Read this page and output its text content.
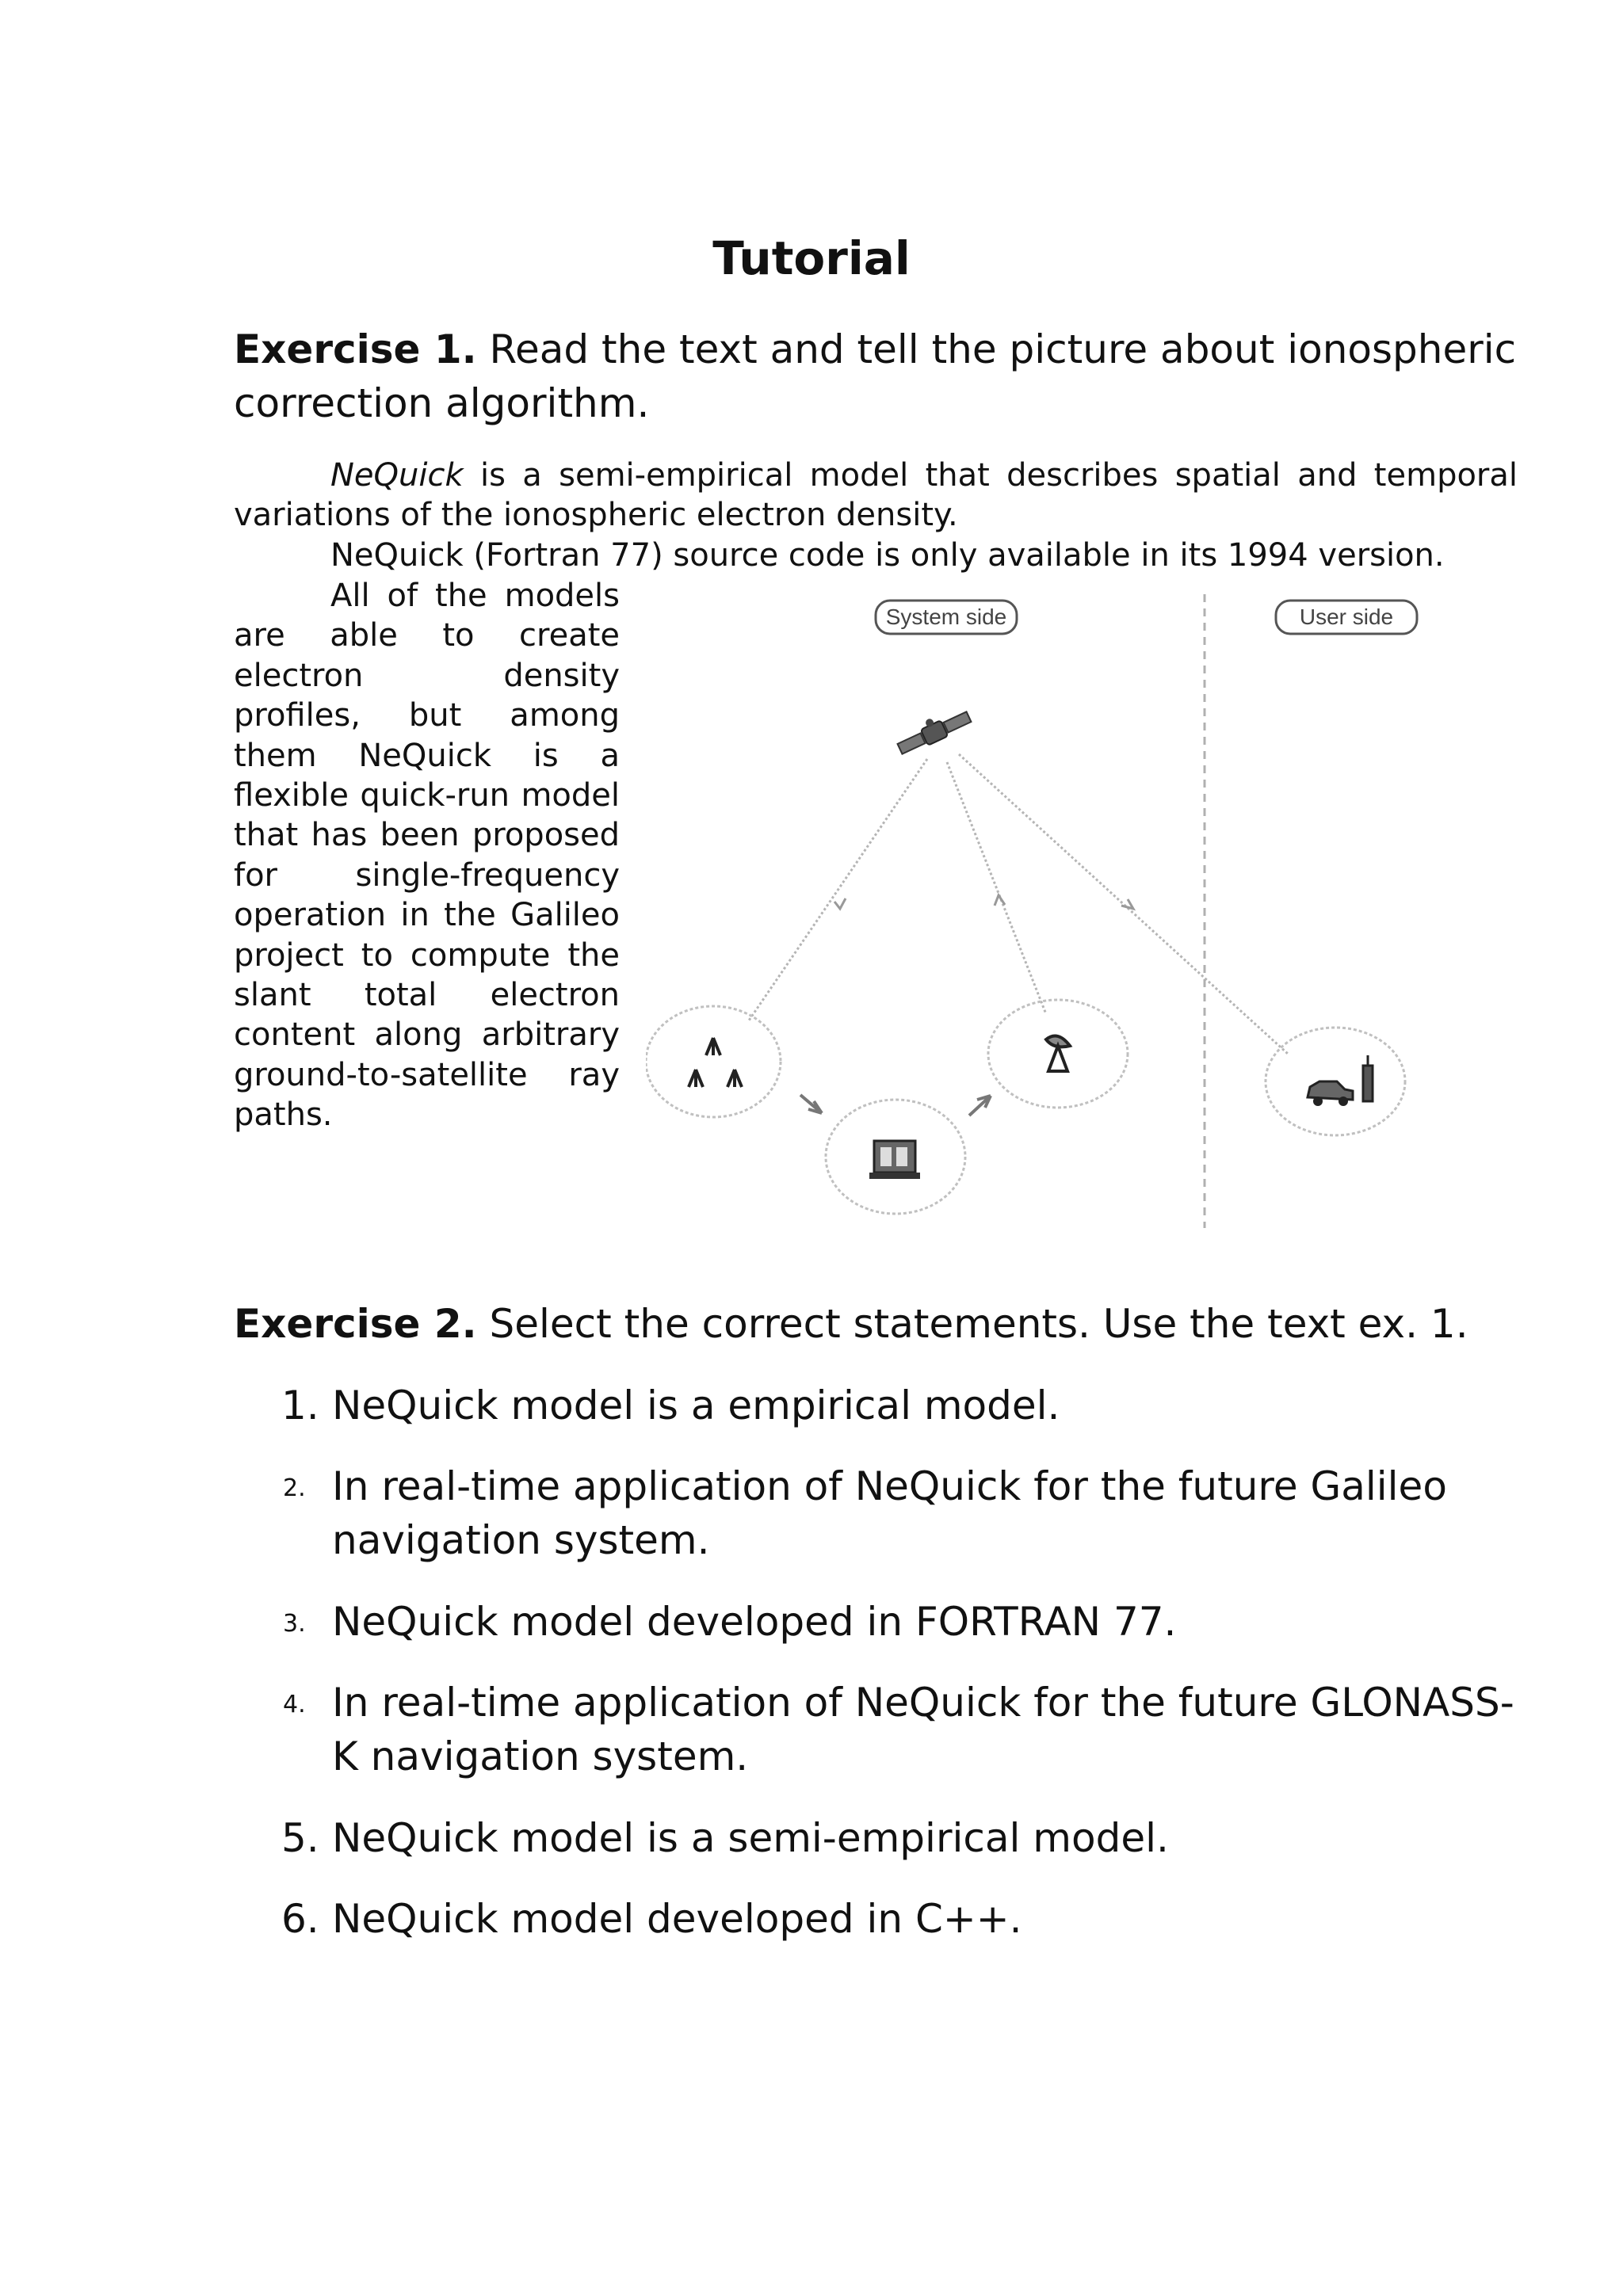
Tutorial

Exercise 1. Read the text and tell the picture about ionospheric
correction algorithm.

NeQuick is a semi-empirical model that describes spatial and temporal variations of the ionospheric electron density.

NeQuick (Fortran 77) source code is only available in its 1994 version.

All of the models are able to create electron density profiles, but among them NeQuick is a flexible quick-run model that has been proposed for single-frequency operation in the Galileo project to compute the slant total electron content along arbitrary ground-to-satellite ray paths.

System side	User side

Exercise 2. Select the correct statements. Use the text ex. 1.

1. NeQuick model is a empirical model.
2. In real-time application of NeQuick for the future Galileo
navigation system.
3. NeQuick model developed in FORTRAN 77.
4. In real-time application of NeQuick for the future GLONASS-
K navigation system.
5. NeQuick model is a semi-empirical model.
6. NeQuick model developed in C++.
